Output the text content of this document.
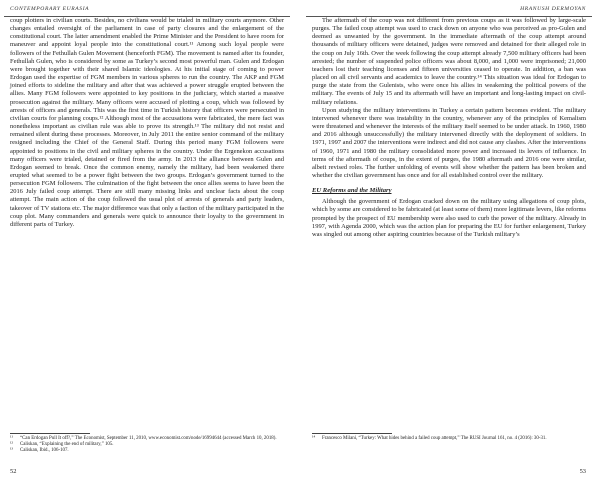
CONTEMPORARY EURASIA

coup plotters in civilian courts. Besides, no civilians would be trialed in military courts anymore. Other changes entailed oversight of the parliament in case of party closures and the enlargement of the constitutional court. The latter amendment enabled the Prime Minister and the President to have room for maneuver and appoint loyal people into the constitutional court.¹¹ Among such loyal people were followers of the Fethullah Gulen Movement (henceforth FGM). The movement is named after its founder, Fethullah Gulen, who is considered by some as Turkey’s second most powerful man. Gulen and Erdogan were brought together with their shared Islamic ideologies. At his initial stage of coming to power Erdogan used the expertise of FGM members in various spheres to run the country. The AKP and FGM joined efforts to sideline the military and after that was achieved a power struggle erupted between the allies. Many FGM followers were appointed to key positions in the judiciary, which started a massive prosecution against the military. Many officers were accused of plotting a coup, which was followed by arrests of officers and generals. This was the first time in Turkish history that officers were persecuted in civilian courts for planning coups.¹² Although most of the accusations were fabricated, the mere fact was nonetheless important as civilian rule was able to prove its strength.¹³ The military did not resist and remained silent during these processes. Moreover, in July 2011 the entire senior command of the military resigned including the Chief of the General Staff. During this period many FGM followers were appointed to positions in the civil and military spheres in the country. Under the Ergenekon accusations many officers were trialed, detained or fired from the army. In 2013 the alliance between Gulen and Erdogan seemed to break. Once the common enemy, namely the military, had been weakened there erupted what seemed to be a power fight between the two groups. Erdogan’s government turned to the persecution FGM followers. The culmination of the fight between the once allies seems to have been the 2016 July failed coup attempt. There are still many missing links and unclear facts about the coup attempt. The main action of the coup followed the usual plot of arrests of generals and party leaders, takeover of TV stations etc. The major difference was that only a faction of the military participated in the coup plot. Many commanders and generals were quick to announce their loyalty to the government in different parts of Turkey.

¹¹ “Can Erdogan Pull It off?,” The Economist, September 11, 2010, www.economist.com/node/16994644 (accessed March 10, 2018).

¹² Caliskan, “Explaining the end of military,” 105.

¹³ Caliskan, Ibid., 106-107.

52
HRANUSH DERMOYAN

The aftermath of the coup was not different from previous coups as it was followed by large-scale purges. The failed coup attempt was used to crack down on anyone who was perceived as pro-Gulen and deemed as unwanted by the government. In the immediate aftermath of the coup attempt around thousands of military officers were detained, judges were removed and detained for their alleged role in the coup on July 16th. Over the week following the coup attempt already 7,500 military officers had been arrested; the number of suspended police officers was about 8,000, and 1,000 were imprisoned; 21,000 teachers lost their teaching licenses and fifteen universities ceased to operate. In addition, a ban was placed on all civil servants and academics to leave the country.¹⁴ This situation was ideal for Erdogan to purge the state from the Gulenists, who were once his allies in weakening the political powers of the military. The events of July 15 and its aftermath will have an important and long-lasting impact on civil-military relations.

Upon studying the military interventions in Turkey a certain pattern becomes evident. The military intervened whenever there was instability in the country, whenever any of the principles of Kemalism were threatened and whenever the interests of the military itself seemed to be under attack. In 1960, 1980 and 2016 although unsuccessfully) the military intervened directly with the deployment of soldiers. In 1971, 1997 and 2007 the interventions were indirect and did not cause any clashes. After the interventions of 1960, 1971 and 1980 the military consolidated more power and increased its levers of influence. In terms of the aftermath of coups, in the extent of purges, the 1980 aftermath and 2016 one were similar, albeit revised roles. The further unfolding of events will show whether the pattern has been broken and whether the civilian government has once and for all established control over the military.

EU Reforms and the Military

Although the government of Erdogan cracked down on the military using allegations of coup plots, which by some are considered to be fabricated (at least some of them) more legitimate levers, like reforms prompted by the prospect of EU membership were also used to curb the power of the military. Already in 1997, with Agenda 2000, which was the action plan for preparing the EU for further enlargement, Turkey was singled out among other aspiring countries because of the Turkish military’s

¹⁴ Francesco Milani, “Turkey: What hides behind a failed coup attempt,” The RUSI Journal 161, no. 4 (2016): 30-31.

53
